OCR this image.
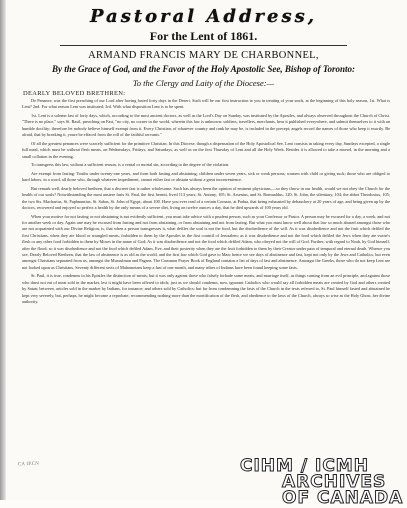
Pastoral Address,
For the Lent of 1861.
ARMAND FRANCIS MARY DE CHARBONNEL,
By the Grace of God, and the Favor of the Holy Apostolic See, Bishop of Toronto:
To the Clergy and Laity of the Diocese:—
DEARLY BELOVED BRETHREN:

De Penance, was the first preaching of our Lord after having fasted forty days in the Desert. Such will be our first instruction to you in treating of your souls, at the beginning of this holy season, 1st. What is Lent? 2nd. For what reason Lent was instituted; 3rd. With what disposition Lent is to be spent.

1st. Lent is a solemn fast of forty days, which, according to the most ancient doctors, as well as the Lord's Day on Sunday, was instituted by the Apostles, and always observed throughout the Church of Christ. "There is no place," says St. Basil, preaching on Fast, "no city, no corner in the world, wherein this law is unknown: soldiers, travellers, merchants, hear it published everywhere, and submit themselves to it with an humble docility; therefore let nobody believe himself exempt from it. Every Christian, of whatever country and rank he may be, is included in the precept; angels record the names of those who keep it exactly. Be afraid, that by breaking it, youre be effaced from the roll of the faithful servants."

Of all the greatest penances were scarcely sufficient for the primitive Christian. In this Diocese, though a dispensation of the Holy Apostolical See, Lent consists in taking every day, Sundays excepted, a single full meal, which must be without flesh meats, on Wednesdays, Fridays, and Saturdays, as well as on the first Thursday of Lent and all the Holy Week. Besides it is allowed to take a morsel, in the morning and a small collation in the evening.

To transgress this law, without a sufficient reason, is a venial or mortal sin, according to the degree of the violation.

Are exempt from fasting: Youths under twenty-one years, and from both fasting and abstaining, children under seven years, sick or weak persons; women with child or giving suck; those who are obliged to hard labors, in a word, all those who, through whatever impediment, cannot either fast or abstain without a great inconvenience.

But remark well, dearly beloved brethren, that a discreet fast is rather wholesome. Such has always been the opinion of eminent physicians,—so they throw in our health, would we not obey the Church for the health of our souls? Notwithstanding the most austere fasts St. Paul, the first hermit, lived 113 years; St. Antony, 105; St. Arsenius, and St. Romualdus, 120; St. John, the silentiary, 104; the abbot Theodosius, 105; the two Sts. Macharius, St. Paphnuntius, St. Sabas, St. John of Egypt, about 100. Have you ever read of a certain Cornaro, at Padua, that being exhausted by debauchery at 20 years of age, and being given up by the doctors, recovered and enjoyed so perfect a health by the only means of a severe diet, living on twelve ounces a day, that he died upwards of 100 years old.

When your motive for not fasting or not abstaining is not evidently sufficient, you must take advice with a prudent person, such as your Confessor or Pastor. A person may be excused for a day, a week, and not for another week or day. Again one may be excused from fasting and not from abstaining, or from abstaining and not from fasting. But what you must know well about that law so much abused amongst those who are not acquainted with our Divine Religion, is, that when a person transgresses it, what defiles the soul is not the food, but the disobedience of the will. As it was disobedience and not the fruit which defiled the first Christians, when they ate blood or strangled meats, forbidden to them by the Apostles in the first council of Jerusalem; as it was disobedience and not the food which defiled the Jews when they ate swine's flesh or any other food forbidden to them by Moses in the name of God; As it was disobedience and not the food which defiled Adam, who obeyed not the will of God. Further, with regard to Noah, by God himself, after the flood; so it was disobedience and not the food which defiled Adam, Eve, and their posterity when they ate the fruit forbidden to them by their Creator under pain of temporal and eternal death. Whence you see, Dearly Beloved Brethren, that the law of abstinence is as old as the world, and the first law which God gave to Man; hence we see days of abstinence and fast, kept not only by the Jews and Catholics, but even amongst Christians separated from us, amongst the Mussulman and Pagans. The Common Prayer Book of England contains a list of days of fast and abstinence. Amongst the Greeks, those who do not keep Lent are not looked upon as Christians. Seventy different sects of Mahometans keep a fast of one month, and many tribes of Indians have been found keeping some fasts.

St. Paul, it is true, condemns in his Epistles the distinction of meats; but it was only against those who falsely forbade some meats, and marriage itself, as things coming from an evil principle, and against those who durst not eat of meat sold in the market, lest it might have been offered to idols; just as we should condemn, now, ignorant Catholics who would say all forbidden meats are created by God and others created by Satan; between, articles sold in the market by Indians, for instance; and others sold by Catholics; but far from condemning the fasts of the Church in the texts referred to, St. Paul himself fasted and abstained he kept very severely, but, perhaps, he might become a reprobate, recommending nothing more than the mortification of the flesh, and obedience to the laws of the Church, always so wise as the Holy Ghost, her divine authority.

CA 1P.CN	CIHM / ICMH
ARCHIVES
OF CANADA
